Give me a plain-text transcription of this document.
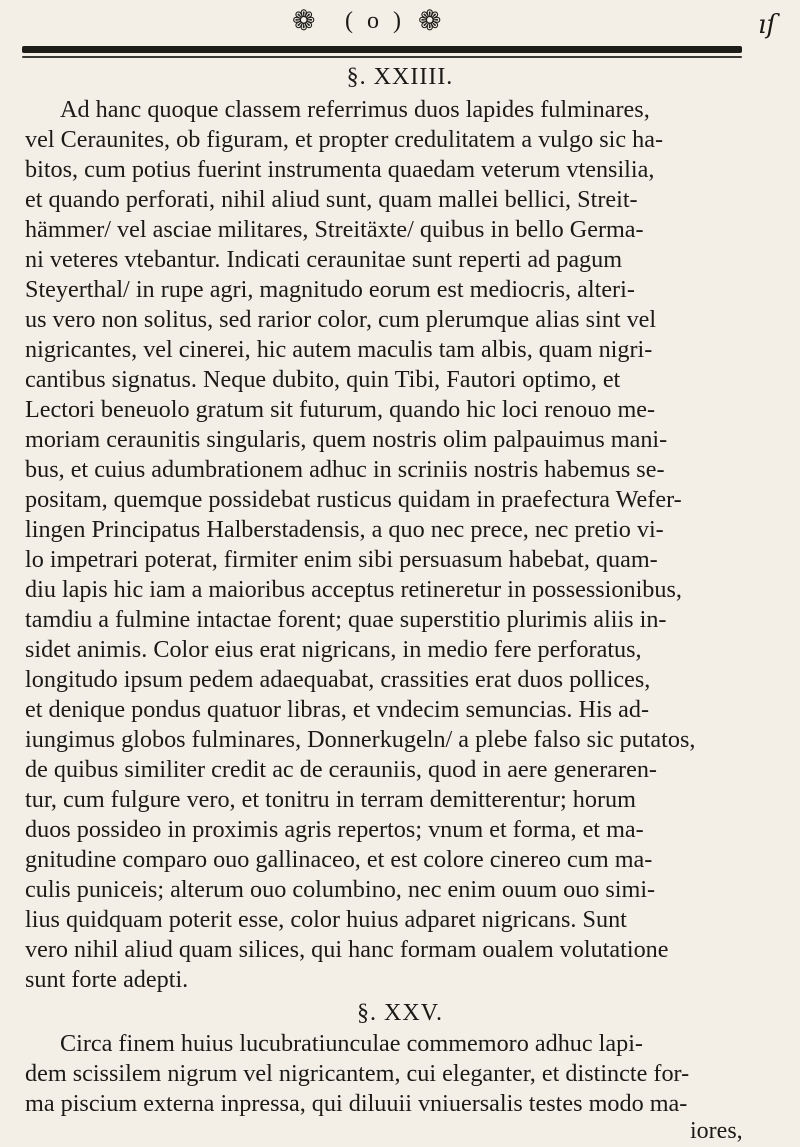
❁ ( o ) ❁	ıſ
§. XXIIII.
Ad hanc quoque classem referrimus duos lapides fulminares,
vel Ceraunites, ob figuram, et propter credulitatem a vulgo sic ha-
bitos, cum potius fuerint instrumenta quaedam veterum vtensilia,
et quando perforati, nihil aliud sunt, quam mallei bellici, Streit-
hämmer/ vel asciae militares, Streitäxte/ quibus in bello Germa-
ni veteres vtebantur. Indicati ceraunitae sunt reperti ad pagum
Steyerthal/ in rupe agri, magnitudo eorum est mediocris, alteri-
us vero non solitus, sed rarior color, cum plerumque alias sint vel
nigricantes, vel cinerei, hic autem maculis tam albis, quam nigri-
cantibus signatus. Neque dubito, quin Tibi, Fautori optimo, et
Lectori beneuolo gratum sit futurum, quando hic loci renouo me-
moriam ceraunitis singularis, quem nostris olim palpauimus mani-
bus, et cuius adumbrationem adhuc in scriniis nostris habemus se-
positam, quemque possidebat rusticus quidam in praefectura Wefer-
lingen Principatus Halberstadensis, a quo nec prece, nec pretio vi-
lo impetrari poterat, firmiter enim sibi persuasum habebat, quam-
diu lapis hic iam a maioribus acceptus retineretur in possessionibus,
tamdiu a fulmine intactae forent; quae superstitio plurimis aliis in-
sidet animis. Color eius erat nigricans, in medio fere perforatus,
longitudo ipsum pedem adaequabat, crassities erat duos pollices,
et denique pondus quatuor libras, et vndecim semuncias. His ad-
iungimus globos fulminares, Donnerkugeln/ a plebe falso sic putatos,
de quibus similiter credit ac de cerauniis, quod in aere generaren-
tur, cum fulgure vero, et tonitru in terram demitterentur; horum
duos possideo in proximis agris repertos; vnum et forma, et ma-
gnitudine comparo ouo gallinaceo, et est colore cinereo cum ma-
culis puniceis; alterum ouo columbino, nec enim ouum ouo simi-
lius quidquam poterit esse, color huius adparet nigricans. Sunt
vero nihil aliud quam silices, qui hanc formam oualem volutatione
sunt forte adepti.
§. XXV.
Circa finem huius lucubratiunculae commemoro adhuc lapi-
dem scissilem nigrum vel nigricantem, cui eleganter, et distincte for-
ma piscium externa inpressa, qui diluuii vniuersalis testes modo ma-
iores,
